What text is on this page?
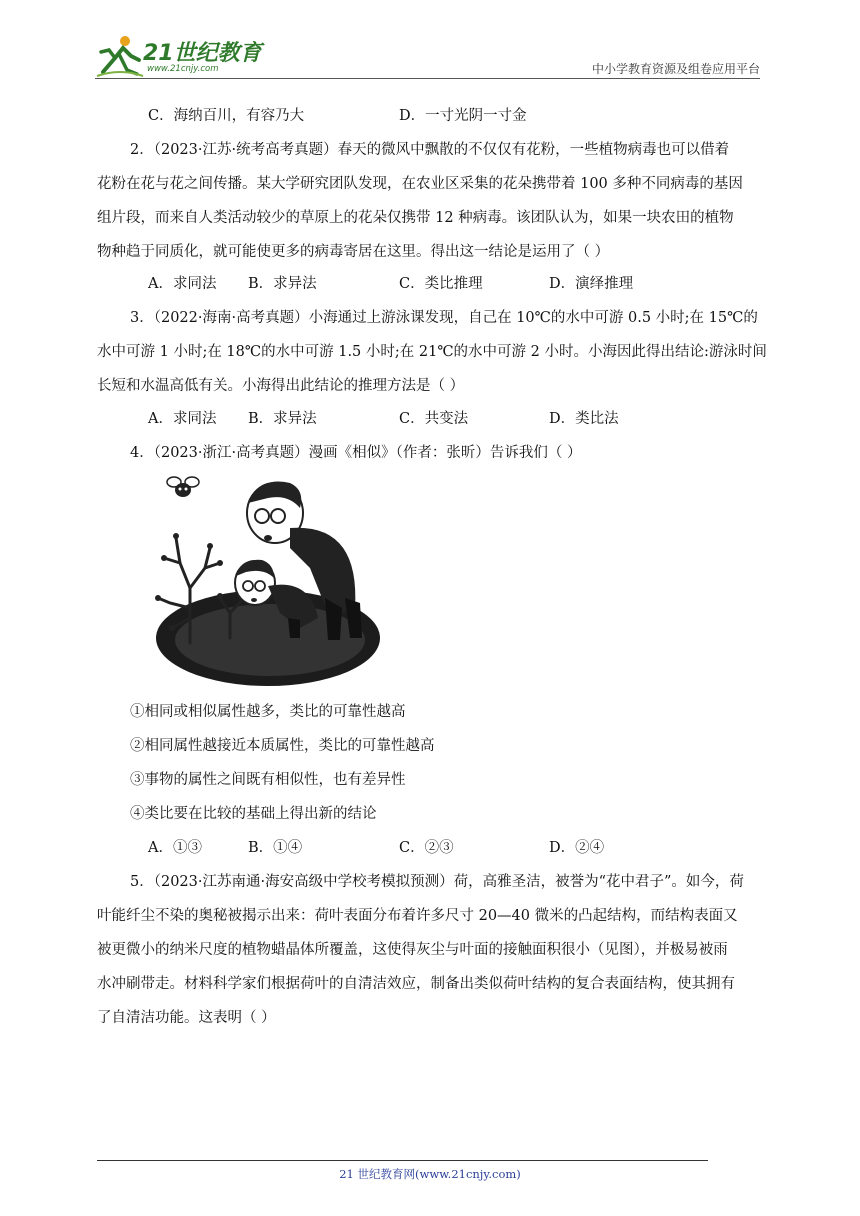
21世纪教育
www.21cnjy.com	中小学教育资源及组卷应用平台
C．海纳百川，有容乃大	D．一寸光阴一寸金
2．（2023·江苏·统考高考真题）春天的微风中飘散的不仅仅有花粉，一些植物病毒也可以借着
花粉在花与花之间传播。某大学研究团队发现，在农业区采集的花朵携带着 100 多种不同病毒的基因
组片段，而来自人类活动较少的草原上的花朵仅携带 12 种病毒。该团队认为，如果一块农田的植物
物种趋于同质化，就可能使更多的病毒寄居在这里。得出这一结论是运用了（ ）
A．求同法 B．求异法	C．类比推理	D．演绎推理
3．（2022·海南·高考真题）小海通过上游泳课发现，自己在 10℃的水中可游 0.5 小时;在 15℃的
水中可游 1 小时;在 18℃的水中可游 1.5 小时;在 21℃的水中可游 2 小时。小海因此得出结论:游泳时间
长短和水温高低有关。小海得出此结论的推理方法是（ ）
A．求同法 B．求异法	C．共变法	D．类比法
4．（2023·浙江·高考真题）漫画《相似》（作者：张昕）告诉我们（ ）
①相同或相似属性越多，类比的可靠性越高
②相同属性越接近本质属性，类比的可靠性越高
③事物的属性之间既有相似性，也有差异性
④类比要在比较的基础上得出新的结论
A．①③	B．①④	C．②③	D．②④
5．（2023·江苏南通·海安高级中学校考模拟预测）荷，高雅圣洁，被誉为“花中君子”。如今，荷
叶能纤尘不染的奥秘被揭示出来：荷叶表面分布着许多尺寸 20—40 微米的凸起结构，而结构表面又
被更微小的纳米尺度的植物蜡晶体所覆盖，这使得灰尘与叶面的接触面积很小（见图），并极易被雨
水冲刷带走。材料科学家们根据荷叶的自清洁效应，制备出类似荷叶结构的复合表面结构，使其拥有
了自清洁功能。这表明（ ）
21 世纪教育网(www.21cnjy.com)
